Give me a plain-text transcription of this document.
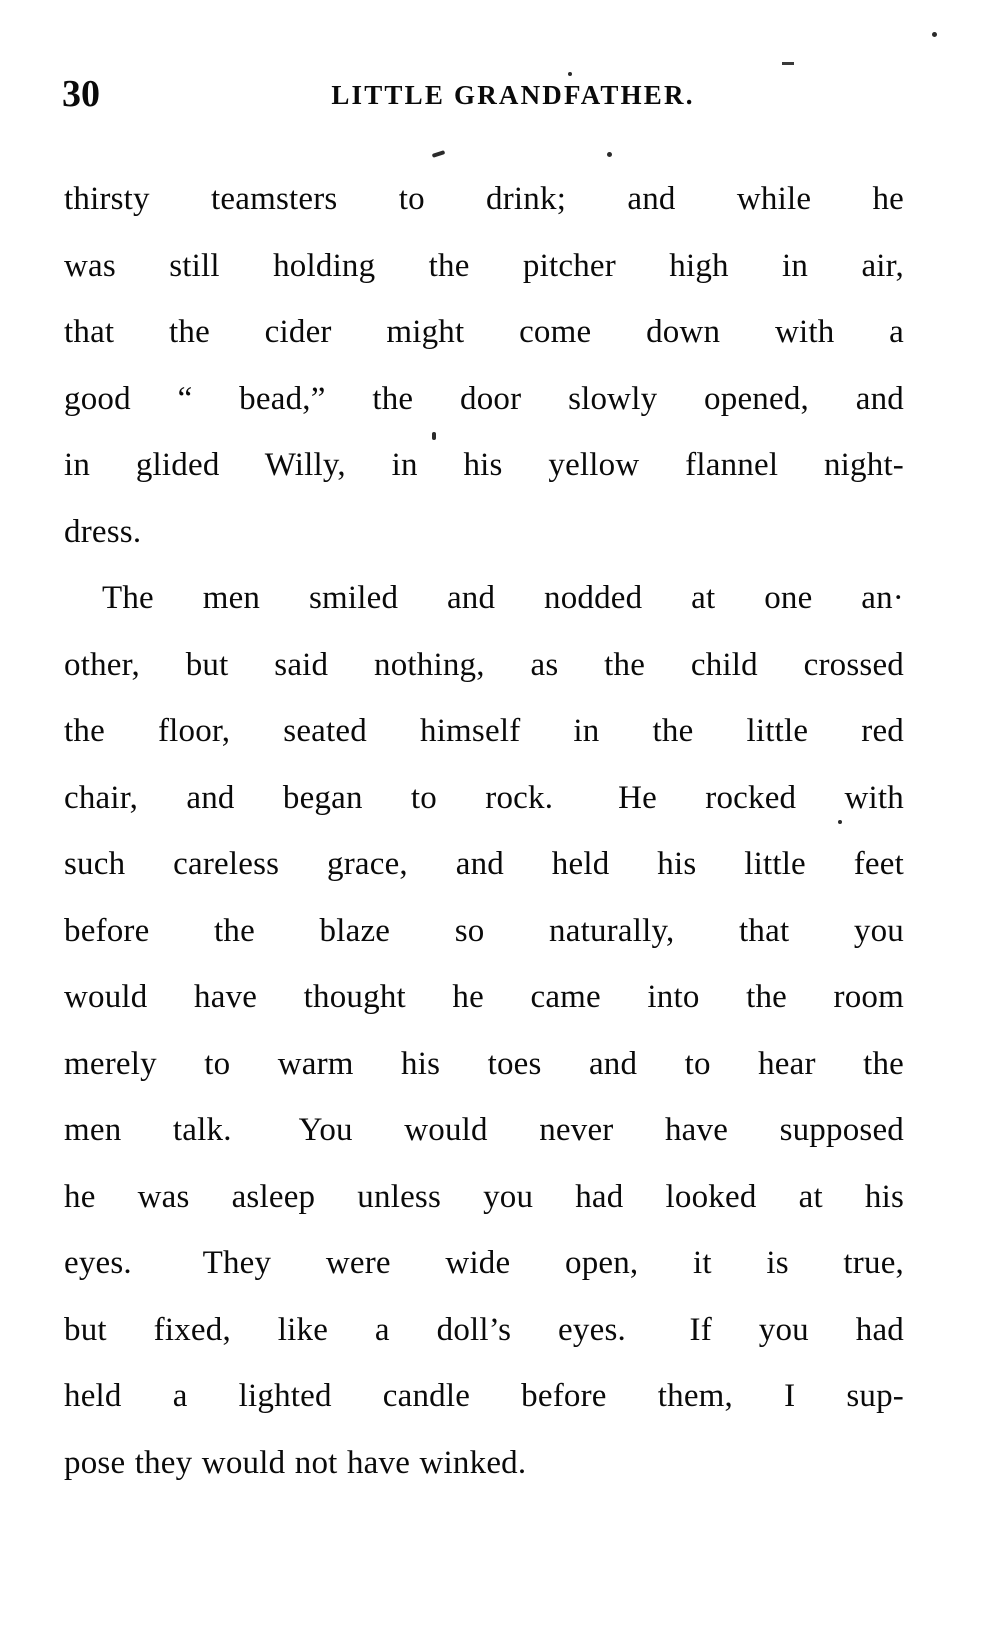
30	LITTLE GRANDFATHER.

thirsty teamsters to drink; and while he
was still holding the pitcher high in air,
that the cider might come down with a
good “ bead,” the door slowly opened, and
in glided Willy, in his yellow flannel night-
dress.

The men smiled and nodded at one an·
other, but said nothing, as the child crossed
the floor, seated himself in the little red
chair, and began to rock.  He rocked with
such careless grace, and held his little feet
before the blaze so naturally, that you
would have thought he came into the room
merely to warm his toes and to hear the
men talk.  You would never have supposed
he was asleep unless you had looked at his
eyes.  They were wide open, it is true,
but fixed, like a doll’s eyes.  If you had
held a lighted candle before them, I sup-
pose they would not have winked.
